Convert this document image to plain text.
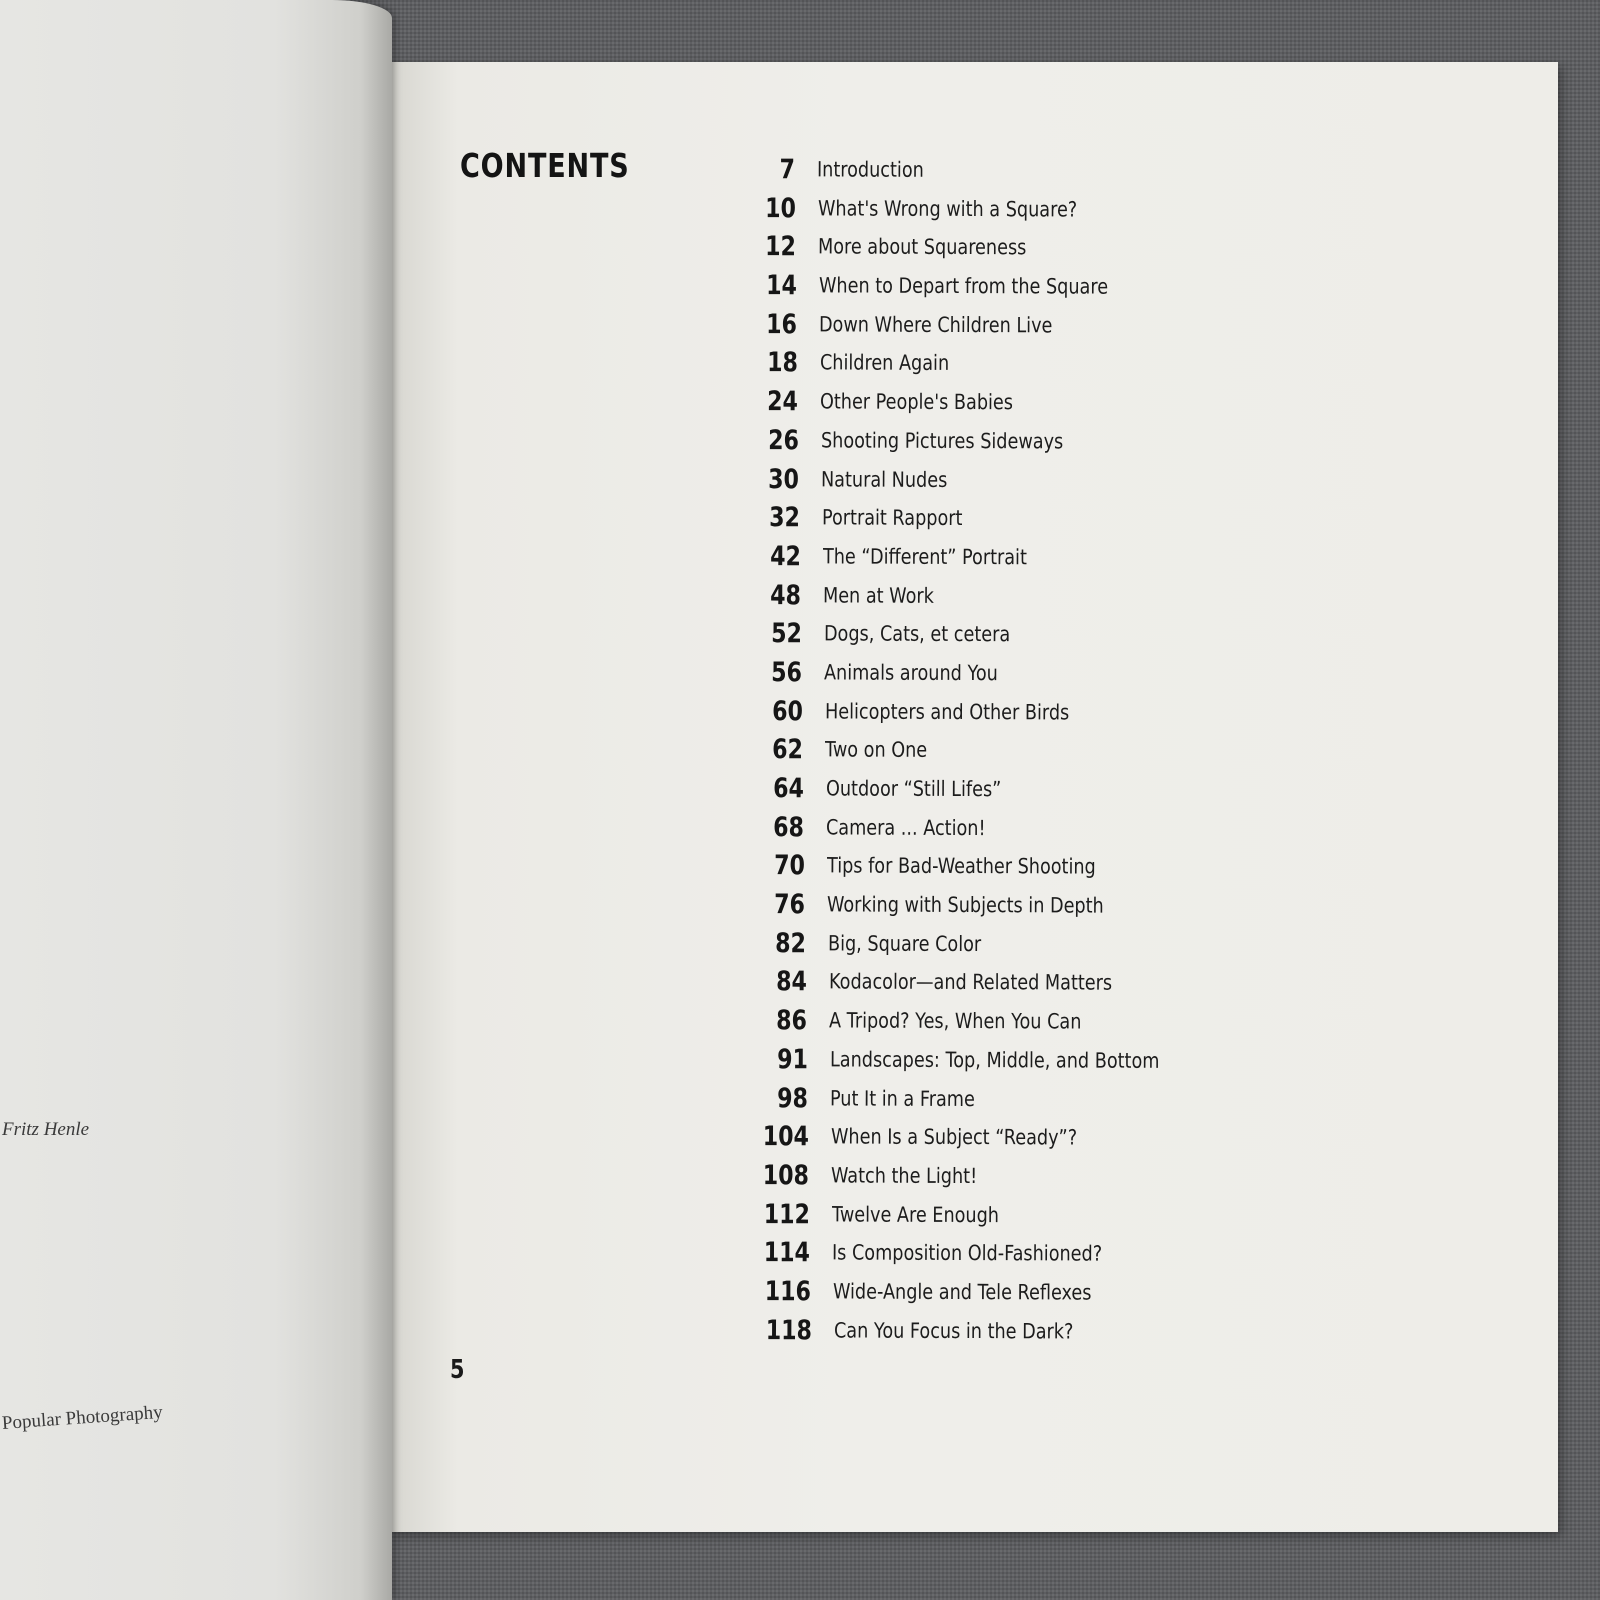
CONTENTS	7 Introduction
10 What's Wrong with a Square?
12 More about Squareness
14 When to Depart from the Square
16 Down Where Children Live
18 Children Again
24 Other People's Babies
26 Shooting Pictures Sideways
30 Natural Nudes
32 Portrait Rapport
42 The “Different” Portrait
48 Men at Work
52 Dogs, Cats, et cetera
56 Animals around You
60 Helicopters and Other Birds
62 Two on One
64 Outdoor “Still Lifes”
68 Camera ... Action!
70 Tips for Bad-Weather Shooting
76 Working with Subjects in Depth
82 Big, Square Color
84 Kodacolor—and Related Matters
86 A Tripod? Yes, When You Can
91 Landscapes: Top, Middle, and Bottom
98 Put It in a Frame
104 When Is a Subject “Ready”?
108 Watch the Light!
112 Twelve Are Enough
114 Is Composition Old-Fashioned?
116 Wide-Angle and Tele Reflexes
118 Can You Focus in the Dark?
5
Fritz Henle
Popular Photography
